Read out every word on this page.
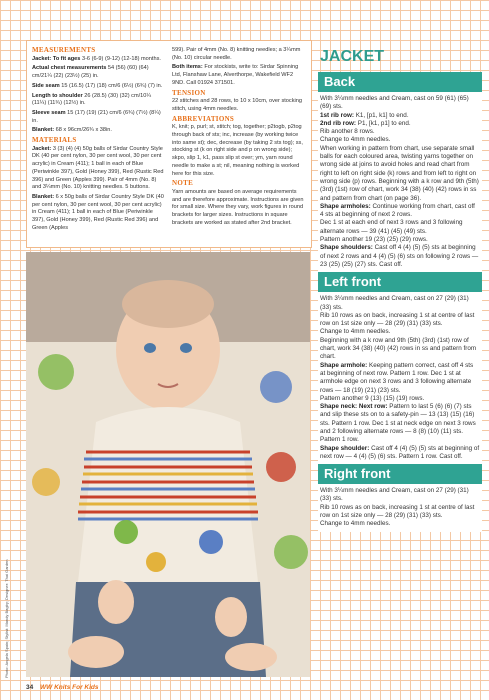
MEASUREMENTS

Jacket: To fit ages 3-6 (6-9) (9-12) (12-18) months.

Actual chest measurements 54 (56) (60) (64) cm/21¼ (22) (23½) (25) in.

Side seam 15 (16.5) (17) (18) cm/6 (6½) (6¾) (7) in.

Length to shoulder 26 (28.5) (30) (32) cm/10¼ (11¼) (11¾) (12½) in.

Sleeve seam 15 (17) (19) (21) cm/6 (6¾) (7½) (8¼) in.

Blanket: 68 x 96cm/26¾ x 38in.

MATERIALS

Jacket: 3 (3) (4) (4) 50g balls of Sirdar Country Style DK (40 per cent nylon, 30 per cent wool, 30 per cent acrylic) in Cream (411); 1 ball in each of Blue (Periwinkle 397), Gold (Honey 399), Red (Rustic Red 396) and Green (Apples 399). Pair of 4mm (No. 8) and 3¼mm (No. 10) knitting needles. 5 buttons.

Blanket: 6 x 50g balls of Sirdar Country Style DK (40 per cent nylon, 30 per cent wool, 30 per cent acrylic) in Cream (411); 1 ball in each of Blue (Periwinkle 397), Gold (Honey 399), Red (Rustic Red 396) and Green (Apples

599). Pair of 4mm (No. 8) knitting needles; a 3¼mm (No. 10) circular needle.

Both items: For stockists, write to: Sirdar Spinning Ltd, Flanshaw Lane, Alverthorpe, Wakefield WF2 9ND. Call 01924 371501.

TENSION

22 stitches and 28 rows, to 10 x 10cm, over stocking stitch, using 4mm needles.

ABBREVIATIONS

K, knit; p, purl; st, stitch; tog, together; p2togb, p2tog through back of sts; inc, increase (by working twice into same st); dec, decrease (by taking 2 sts tog); ss, stocking st (k on right side and p on wrong side); skpo, slip 1, k1, pass slip st over; ym, yarn round needle to make a st; nil, meaning nothing is worked here for this size.

NOTE

Yarn amounts are based on average requirements and are therefore approximate. Instructions are given for small size. Where they vary, work figures in round brackets for larger sizes. Instructions in square brackets are worked as stated after 2nd bracket.

Photo: Angela Spain; Stylist: Mandy Bagby; Designer: Thai Garden
JACKET
Back

With 3¼mm needles and Cream, cast on 59 (61) (65) (69) sts.

1st rib row: K1, [p1, k1] to end.

2nd rib row: P1, [k1, p1] to end.

Rib another 8 rows.

Change to 4mm needles.

When working in pattern from chart, use separate small balls for each coloured area, twisting yarns together on wrong side at joins to avoid holes and read chart from right to left on right side (k) rows and from left to right on wrong side (p) rows. Beginning with a k row and 9th (5th) (3rd) (1st) row of chart, work 34 (38) (40) (42) rows in ss and pattern from chart (on page 36).

Shape armholes: Continue working from chart, cast off 4 sts at beginning of next 2 rows.

Dec 1 st at each end of next 3 rows and 3 following alternate rows — 39 (41) (45) (49) sts.

Pattern another 19 (23) (25) (29) rows.

Shape shoulders: Cast off 4 (4) (5) (5) sts at beginning of next 2 rows and 4 (4) (5) (6) sts on following 2 rows — 23 (25) (25) (27) sts. Cast off.

Left front

With 3¼mm needles and Cream, cast on 27 (29) (31) (33) sts.

Rib 10 rows as on back, increasing 1 st at centre of last row on 1st size only — 28 (29) (31) (33) sts.

Change to 4mm needles.

Beginning with a k row and 9th (5th) (3rd) (1st) row of chart, work 34 (38) (40) (42) rows in ss and pattern from chart.

Shape armhole: Keeping pattern correct, cast off 4 sts at beginning of next row. Pattern 1 row. Dec 1 st at armhole edge on next 3 rows and 3 following alternate rows — 18 (19) (21) (23) sts.

Pattern another 9 (13) (15) (19) rows.

Shape neck: Next row: Pattern to last 5 (6) (6) (7) sts and slip these sts on to a safety-pin — 13 (13) (15) (16) sts. Pattern 1 row. Dec 1 st at neck edge on next 3 rows and 2 following alternate rows — 8 (8) (10) (11) sts. Pattern 1 row.

Shape shoulder: Cast off 4 (4) (5) (5) sts at beginning of next row — 4 (4) (5) (6) sts. Pattern 1 row. Cast off.

Right front

With 3¼mm needles and Cream, cast on 27 (29) (31) (33) sts.

Rib 10 rows as on back, increasing 1 st at centre of last row on 1st size only — 28 (29) (31) (33) sts.

Change to 4mm needles.

34 WW Knits For Kids
